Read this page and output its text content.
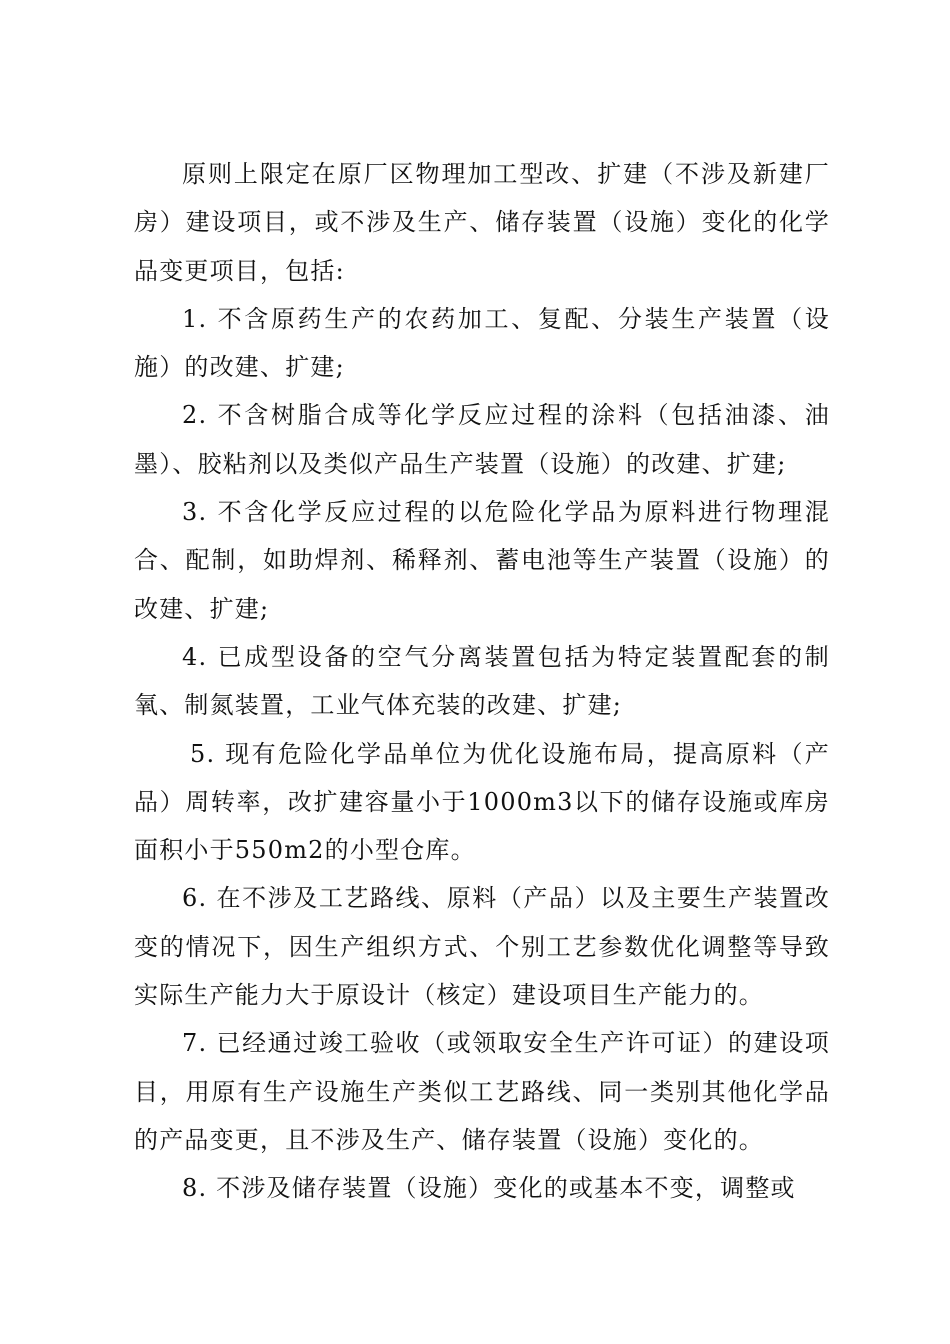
原则上限定在原厂区物理加工型改、扩建（不涉及新建厂房）建设项目，或不涉及生产、储存装置（设施）变化的化学品变更项目，包括:

1. 不含原药生产的农药加工、复配、分装生产装置（设施）的改建、扩建;

2. 不含树脂合成等化学反应过程的涂料（包括油漆、油墨）、胶粘剂以及类似产品生产装置（设施）的改建、扩建;

3. 不含化学反应过程的以危险化学品为原料进行物理混合、配制，如助焊剂、稀释剂、蓄电池等生产装置（设施）的改建、扩建;

4. 已成型设备的空气分离装置包括为特定装置配套的制氧、制氮装置，工业气体充装的改建、扩建;

5. 现有危险化学品单位为优化设施布局，提高原料（产品）周转率，改扩建容量小于1000m3以下的储存设施或库房面积小于550m2的小型仓库。

6. 在不涉及工艺路线、原料（产品）以及主要生产装置改变的情况下，因生产组织方式、个别工艺参数优化调整等导致实际生产能力大于原设计（核定）建设项目生产能力的。

7. 已经通过竣工验收（或领取安全生产许可证）的建设项目，用原有生产设施生产类似工艺路线、同一类别其他化学品的产品变更，且不涉及生产、储存装置（设施）变化的。

8. 不涉及储存装置（设施）变化的或基本不变，调整或
